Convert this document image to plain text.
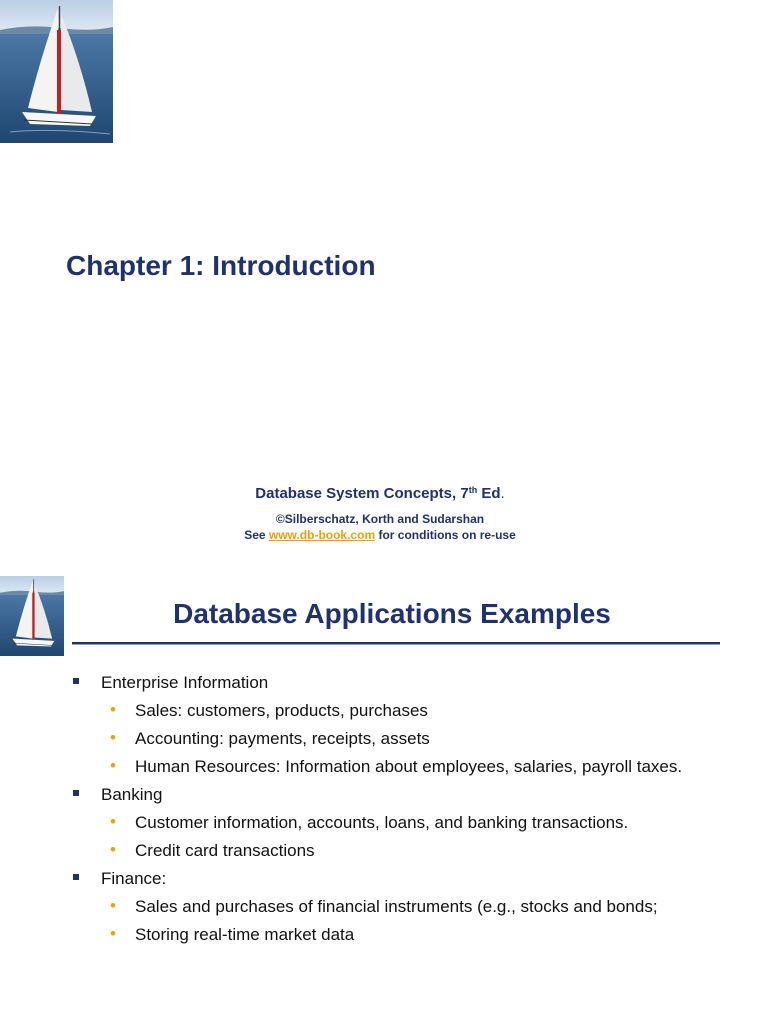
Chapter 1: Introduction
Database System Concepts, 7th Ed.
©Silberschatz, Korth and Sudarshan
See www.db-book.com for conditions on re-use
Database Applications Examples
Enterprise Information
• Sales: customers, products, purchases
• Accounting: payments, receipts, assets
• Human Resources: Information about employees, salaries, payroll taxes.
Banking
• Customer information, accounts, loans, and banking transactions.
• Credit card transactions
Finance:
• Sales and purchases of financial instruments (e.g., stocks and bonds;
• Storing real-time market data
